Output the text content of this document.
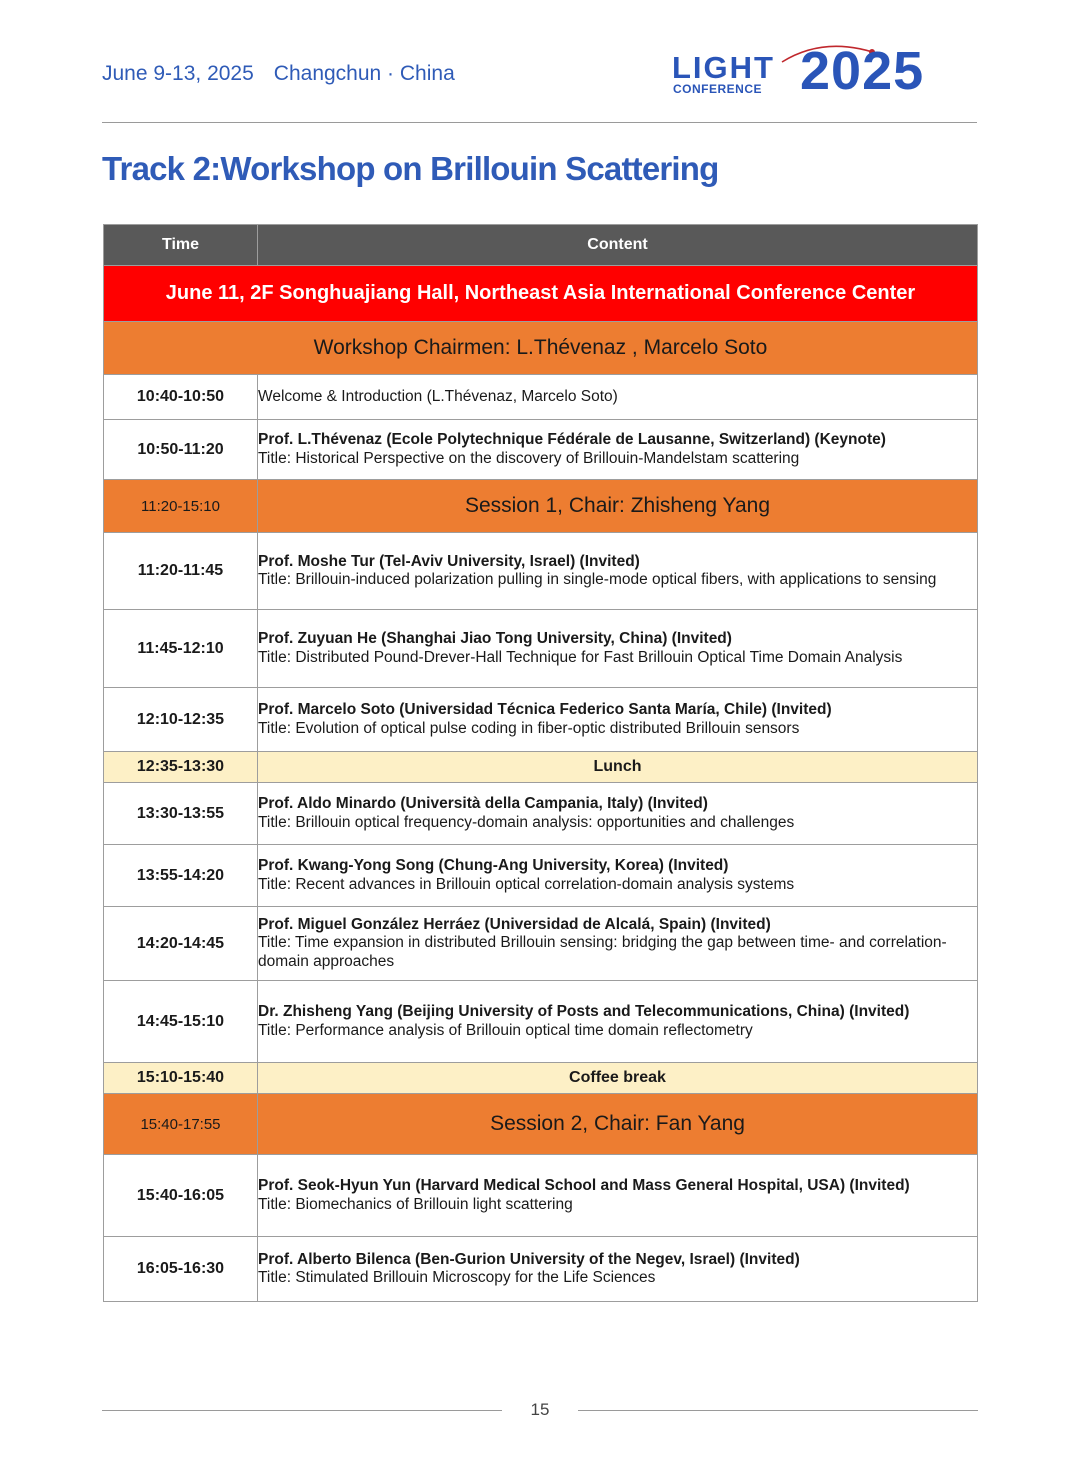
June 9-13, 2025 Changchun · China	LIGHT
CONFERENCE 2025
Track 2:Workshop on Brillouin Scattering
Time	Content
June 11, 2F Songhuajiang Hall, Northeast Asia International Conference Center	
Workshop Chairmen: L.Thévenaz , Marcelo Soto	
10:40-10:50	Welcome & Introduction (L.Thévenaz, Marcelo Soto)

10:50-11:20	Prof. L.Thévenaz (Ecole Polytechnique Fédérale de Lausanne, Switzerland) (Keynote)
Title: Historical Perspective on the discovery of Brillouin-Mandelstam scattering

11:20-15:10	Session 1, Chair: Zhisheng Yang
11:20-11:45	Prof. Moshe Tur (Tel-Aviv University, Israel) (Invited)
Title: Brillouin-induced polarization pulling in single-mode optical fibers, with applications to sensing

11:45-12:10	Prof. Zuyuan He (Shanghai Jiao Tong University, China) (Invited)
Title: Distributed Pound-Drever-Hall Technique for Fast Brillouin Optical Time Domain Analysis

12:10-12:35	Prof. Marcelo Soto (Universidad Técnica Federico Santa María, Chile) (Invited)
Title: Evolution of optical pulse coding in fiber-optic distributed Brillouin sensors

12:35-13:30	Lunch
13:30-13:55	Prof. Aldo Minardo (Università della Campania, Italy) (Invited)
Title: Brillouin optical frequency-domain analysis: opportunities and challenges

13:55-14:20	Prof. Kwang-Yong Song (Chung-Ang University, Korea) (Invited)
Title: Recent advances in Brillouin optical correlation-domain analysis systems

14:20-14:45	Prof. Miguel González Herráez (Universidad de Alcalá, Spain) (Invited)
Title: Time expansion in distributed Brillouin sensing: bridging the gap between time- and correlation-domain approaches

14:45-15:10	Dr. Zhisheng Yang (Beijing University of Posts and Telecommunications, China) (Invited)
Title: Performance analysis of Brillouin optical time domain reflectometry

15:10-15:40	Coffee break
15:40-17:55	Session 2, Chair: Fan Yang
15:40-16:05	Prof. Seok-Hyun Yun (Harvard Medical School and Mass General Hospital, USA) (Invited)
Title: Biomechanics of Brillouin light scattering

16:05-16:30	Prof. Alberto Bilenca (Ben-Gurion University of the Negev, Israel) (Invited)
Title: Stimulated Brillouin Microscopy for the Life Sciences
15
